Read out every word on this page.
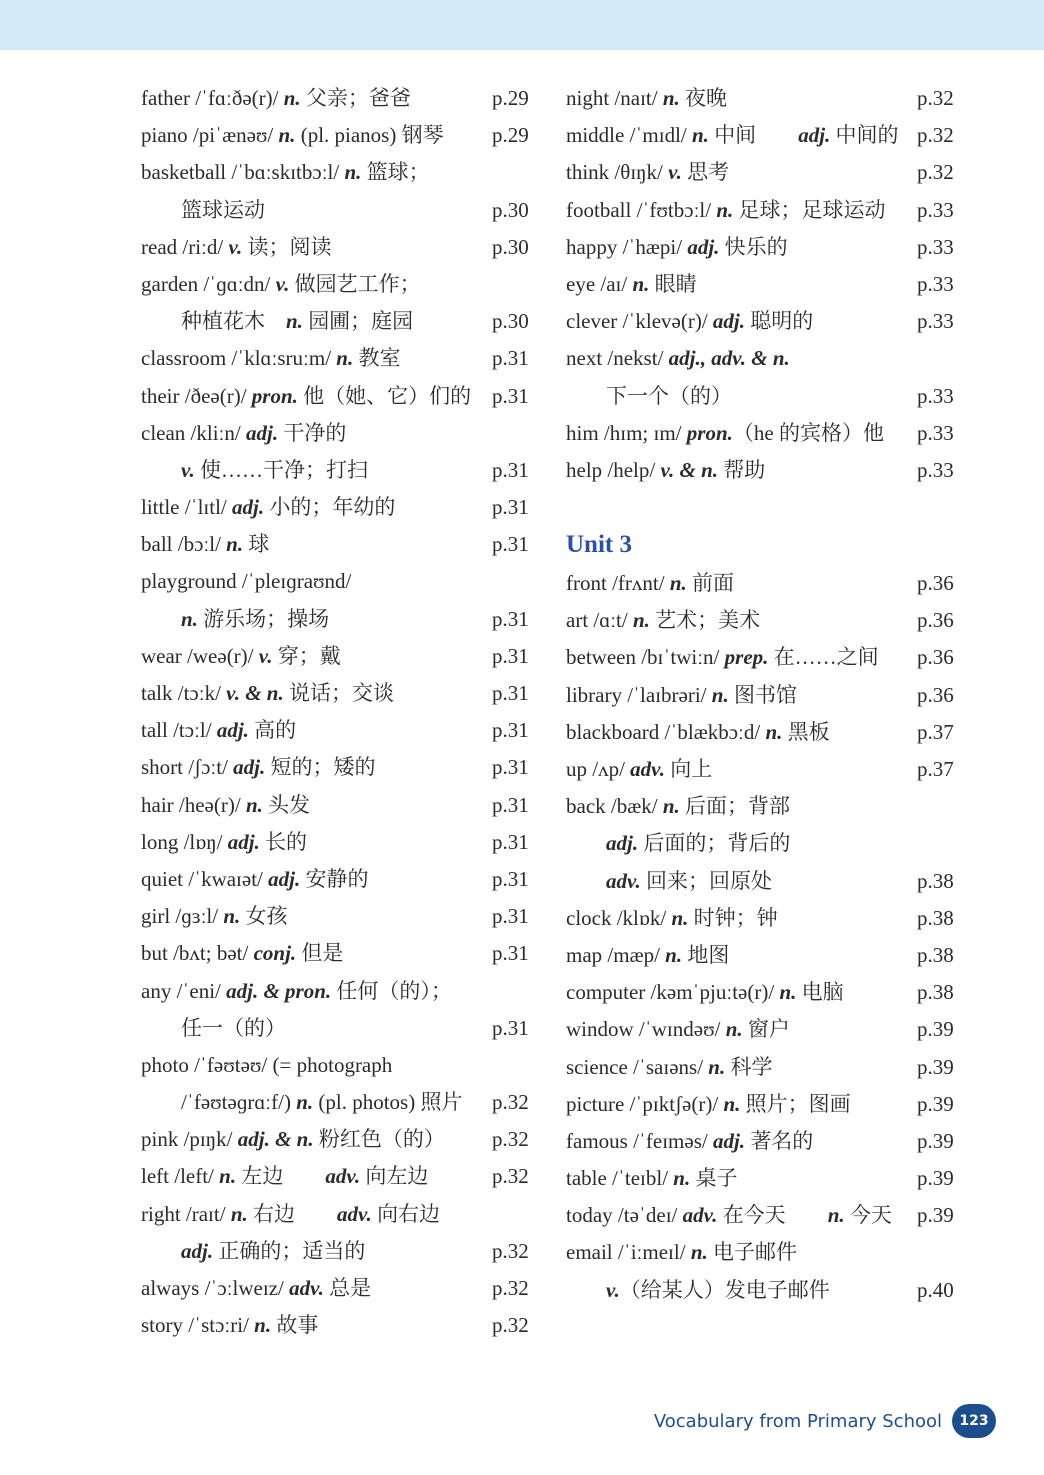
father /ˈfɑːðə(r)/ n. 父亲；爸爸	p.29
piano /piˈænəʊ/ n. (pl. pianos) 钢琴 p.29
basketball /ˈbɑːskɪtbɔːl/ n. 篮球；
篮球运动	p.30
read /riːd/ v. 读；阅读	p.30
garden /ˈɡɑːdn/ v. 做园艺工作；
种植花木　n. 园圃；庭园	p.30
classroom /ˈklɑːsruːm/ n. 教室	p.31
their /ðeə(r)/ pron. 他（她、它）们的 p.31
clean /kliːn/ adj. 干净的
v. 使……干净；打扫	p.31
little /ˈlɪtl/ adj. 小的；年幼的	p.31
ball /bɔːl/ n. 球	p.31
playground /ˈpleɪɡraʊnd/
n. 游乐场；操场	p.31
wear /weə(r)/ v. 穿；戴	p.31
talk /tɔːk/ v. & n. 说话；交谈	p.31
tall /tɔːl/ adj. 高的	p.31
short /ʃɔːt/ adj. 短的；矮的	p.31
hair /heə(r)/ n. 头发	p.31
long /lɒŋ/ adj. 长的	p.31
quiet /ˈkwaɪət/ adj. 安静的	p.31
girl /ɡɜːl/ n. 女孩	p.31
but /bʌt; bət/ conj. 但是	p.31
any /ˈeni/ adj. & pron. 任何（的）；
任一（的）	p.31
photo /ˈfəʊtəʊ/ (= photograph
/ˈfəʊtəɡrɑːf/) n. (pl. photos) 照片 p.32
pink /pɪŋk/ adj. & n. 粉红色（的） p.32
left /left/ n. 左边　　adv. 向左边	p.32
right /raɪt/ n. 右边　　adv. 向右边
adj. 正确的；适当的	p.32
always /ˈɔːlweɪz/ adv. 总是	p.32
story /ˈstɔːri/ n. 故事	p.32
night /naɪt/ n. 夜晚	p.32
middle /ˈmɪdl/ n. 中间　　adj. 中间的 p.32
think /θɪŋk/ v. 思考	p.32
football /ˈfʊtbɔːl/ n. 足球；足球运动 p.33
happy /ˈhæpi/ adj. 快乐的	p.33
eye /aɪ/ n. 眼睛	p.33
clever /ˈklevə(r)/ adj. 聪明的	p.33
next /nekst/ adj., adv. & n.
下一个（的）	p.33
him /hɪm; ɪm/ pron.（he 的宾格）他 p.33
help /help/ v. & n. 帮助	p.33
Unit 3
front /frʌnt/ n. 前面	p.36
art /ɑːt/ n. 艺术；美术	p.36
between /bɪˈtwiːn/ prep. 在……之间 p.36
library /ˈlaɪbrəri/ n. 图书馆	p.36
blackboard /ˈblækbɔːd/ n. 黑板	p.37
up /ʌp/ adv. 向上	p.37
back /bæk/ n. 后面；背部
adj. 后面的；背后的
adv. 回来；回原处	p.38
clock /klɒk/ n. 时钟；钟	p.38
map /mæp/ n. 地图	p.38
computer /kəmˈpjuːtə(r)/ n. 电脑	p.38
window /ˈwɪndəʊ/ n. 窗户	p.39
science /ˈsaɪəns/ n. 科学	p.39
picture /ˈpɪktʃə(r)/ n. 照片；图画	p.39
famous /ˈfeɪməs/ adj. 著名的	p.39
table /ˈteɪbl/ n. 桌子	p.39
today /təˈdeɪ/ adv. 在今天　　n. 今天 p.39
email /ˈiːmeɪl/ n. 电子邮件
v.（给某人）发电子邮件	p.40
Vocabulary from Primary School	123
